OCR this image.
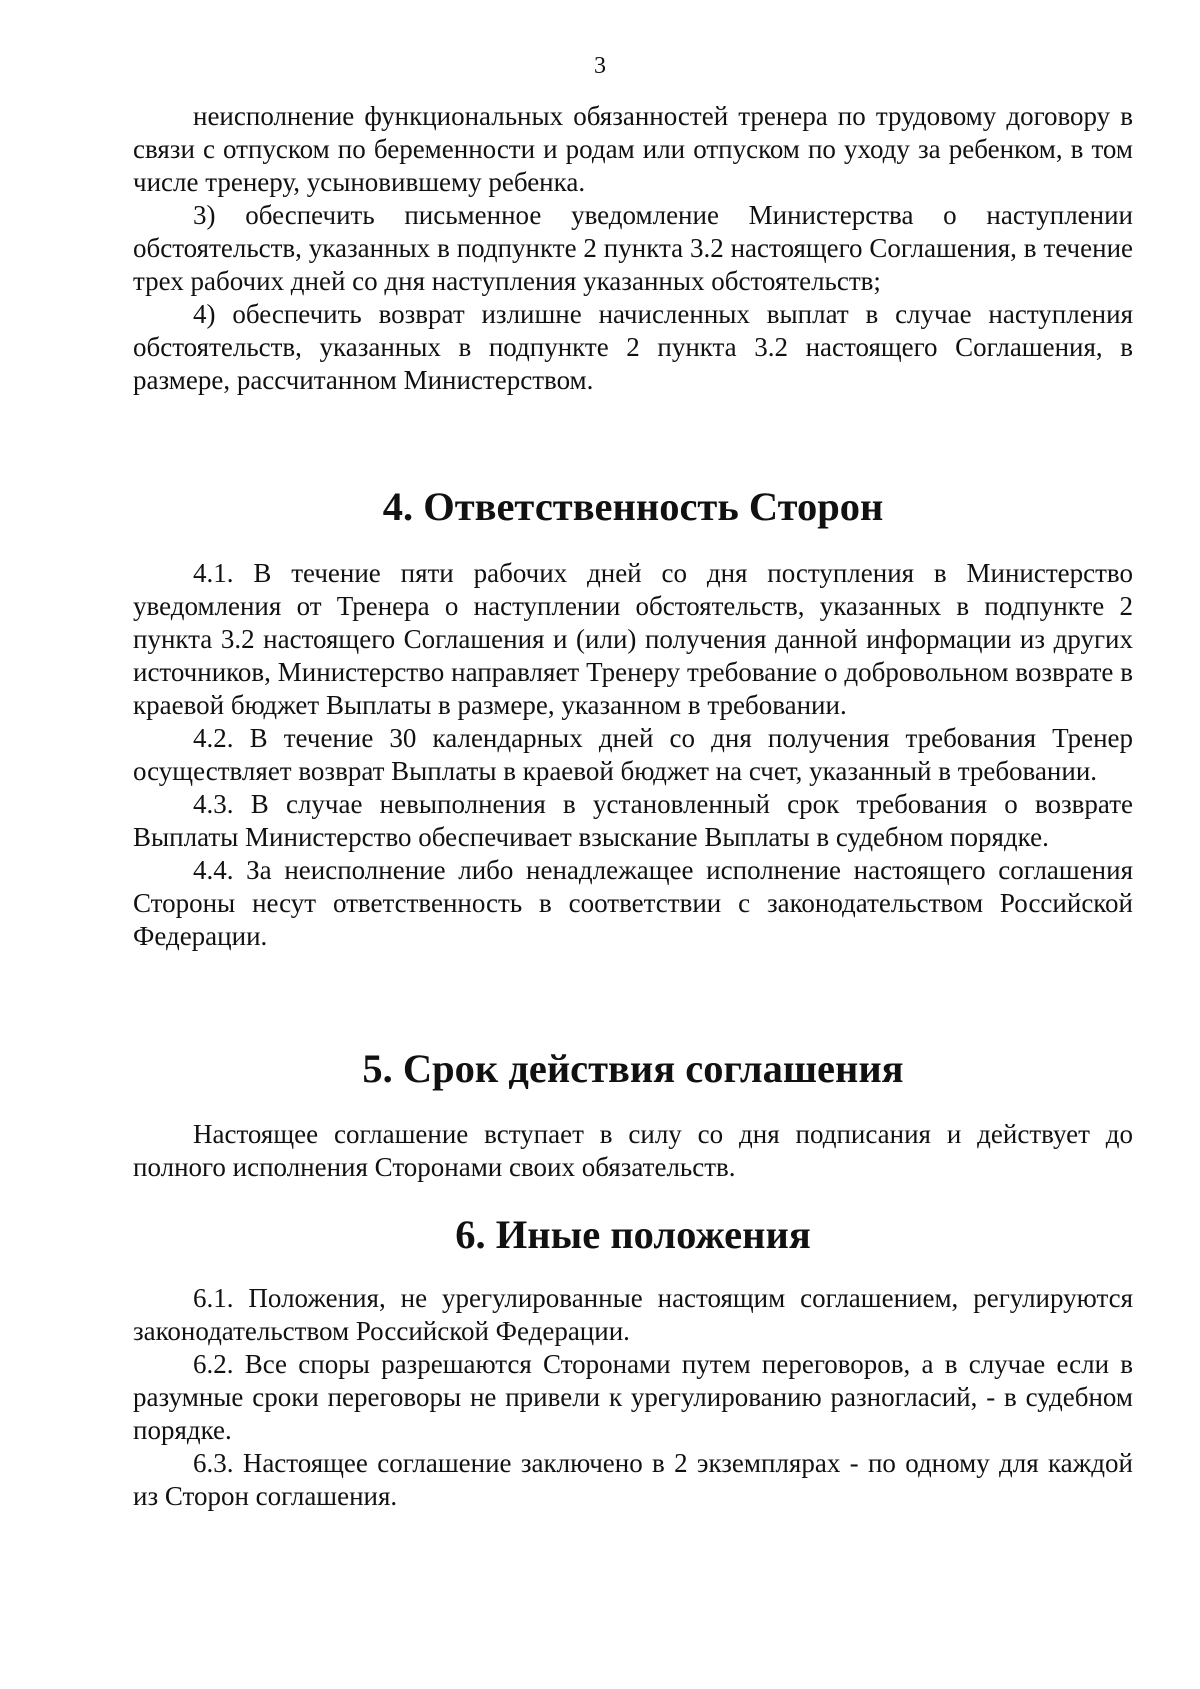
3

неисполнение функциональных обязанностей тренера по трудовому договору в связи с отпуском по беременности и родам или отпуском по уходу за ребенком, в том числе тренеру, усыновившему ребенка.

3) обеспечить письменное уведомление Министерства о наступлении обстоятельств, указанных в подпункте 2 пункта 3.2 настоящего Соглашения, в течение трех рабочих дней со дня наступления указанных обстоятельств;

4) обеспечить возврат излишне начисленных выплат в случае наступления обстоятельств, указанных в подпункте 2 пункта 3.2 настоящего Соглашения, в размере, рассчитанном Министерством.

4. Ответственность Сторон

4.1. В течение пяти рабочих дней со дня поступления в Министерство уведомления от Тренера о наступлении обстоятельств, указанных в подпункте 2 пункта 3.2 настоящего Соглашения и (или) получения данной информации из других источников, Министерство направляет Тренеру требование о добровольном возврате в краевой бюджет Выплаты в размере, указанном в требовании.

4.2. В течение 30 календарных дней со дня получения требования Тренер осуществляет возврат Выплаты в краевой бюджет на счет, указанный в требовании.

4.3. В случае невыполнения в установленный срок требования о возврате Выплаты Министерство обеспечивает взыскание Выплаты в судебном порядке.

4.4. За неисполнение либо ненадлежащее исполнение настоящего соглашения Стороны несут ответственность в соответствии с законодательством Российской Федерации.

5. Срок действия соглашения

Настоящее соглашение вступает в силу со дня подписания и действует до полного исполнения Сторонами своих обязательств.

6. Иные положения

6.1. Положения, не урегулированные настоящим соглашением, регулируются законодательством Российской Федерации.

6.2. Все споры разрешаются Сторонами путем переговоров, а в случае если в разумные сроки переговоры не привели к урегулированию разногласий, - в судебном порядке.

6.3. Настоящее соглашение заключено в 2 экземплярах - по одному для каждой из Сторон соглашения.
